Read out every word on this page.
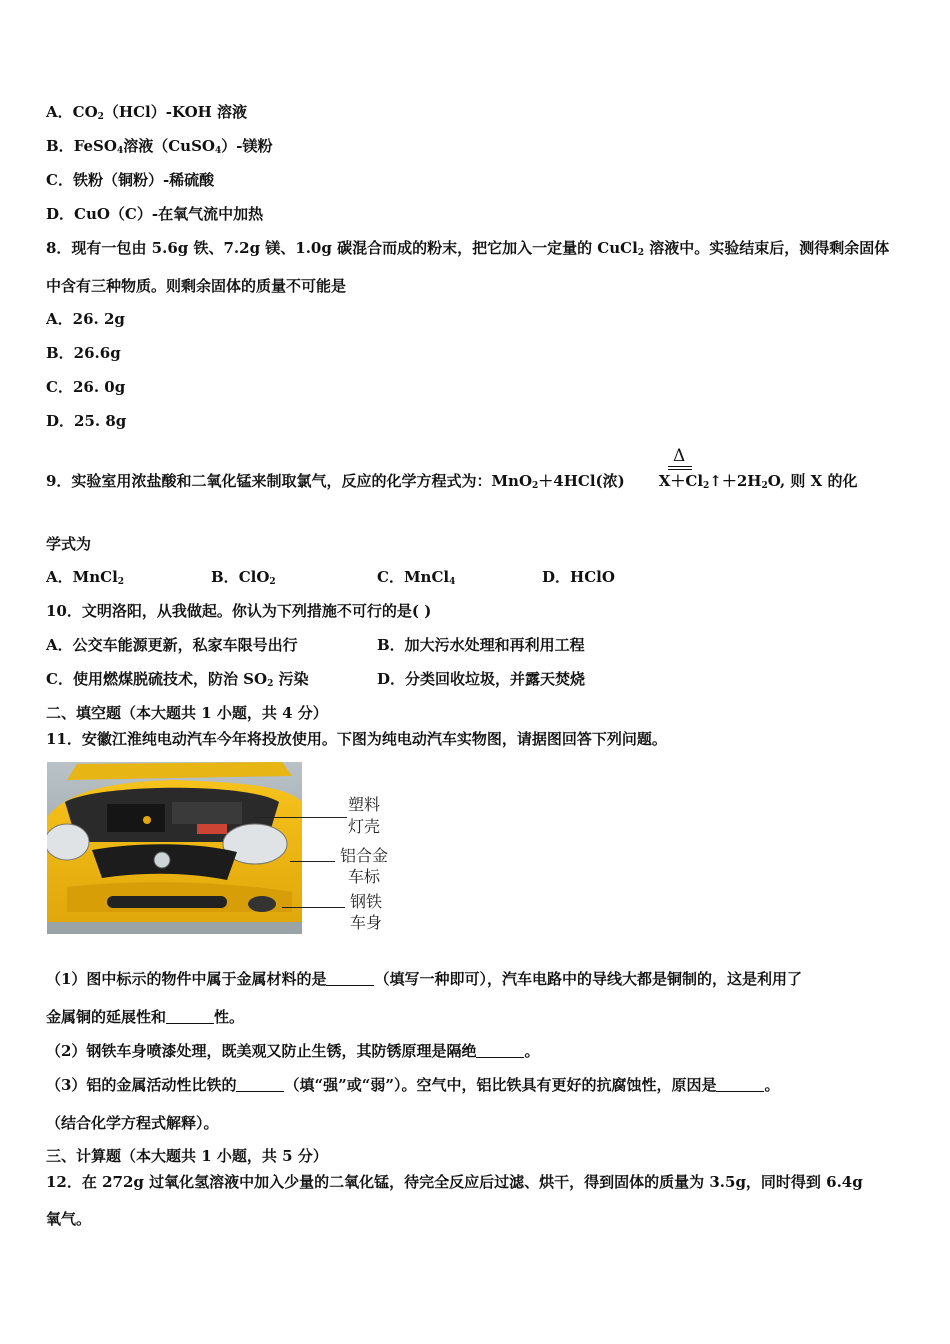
A．$CO_2(HCl)$-KOH 溶液
B．FeSO$_4$溶液（CuSO$_4$）-镁粉
C．铁粉（铜粉）-稀硫酸
D．CuO（C）-在氧气流中加热
8．现有一包由 5.6g 铁、7.2g 镁、1.0g 碳混合而成的粉末，把它加入一定量的 CuCl$_2$ 溶液中。实验结束后，测得剩余固体
中含有三种物质。则剩余固体的质量不可能是
A．26. 2g
B．26.6g
C．26. 0g
D．25. 8g
Δ
9．实验室用浓盐酸和二氧化锰来制取氯气，反应的化学方程式为：MnO$_2$＋4HCl(浓) $X+Cl_2↑+2H_2O$, 则 X 的化
学式为
A．MnCl$_2$	B．ClO$_2$	C．MnCl$_4$	D．HClO
10．文明洛阳，从我做起。你认为下列措施不可行的是( )
A．公交车能源更新，私家车限号出行	B．加大污水处理和再利用工程
C．使用燃煤脱硫技术，防治 $SO_2$ 污染	D．分类回收垃圾，并露天焚烧
二、填空题（本大题共 1 小题，共 4 分）
11．安徽江淮纯电动汽车今年将投放使用。下图为纯电动汽车实物图，请据图回答下列问题。
塑料
灯壳
铝合金
车标
钢铁
车身
（1）图中标示的物件中属于金属材料的是	（填写一种即可），汽车电路中的导线大都是铜制的，这是利用了
金属铜的延展性和	性。
（2）钢铁车身喷漆处理，既美观又防止生锈，其防锈原理是隔绝	。
（3）铝的金属活动性比铁的	（填“强”或“弱”）。空气中，铝比铁具有更好的抗腐蚀性，原因是	。
（结合化学方程式解释）。
三、计算题（本大题共 1 小题，共 5 分）
12．在 272g 过氧化氢溶液中加入少量的二氧化锰，待完全反应后过滤、烘干，得到固体的质量为 3.5g，同时得到 6.4g
氧气。
